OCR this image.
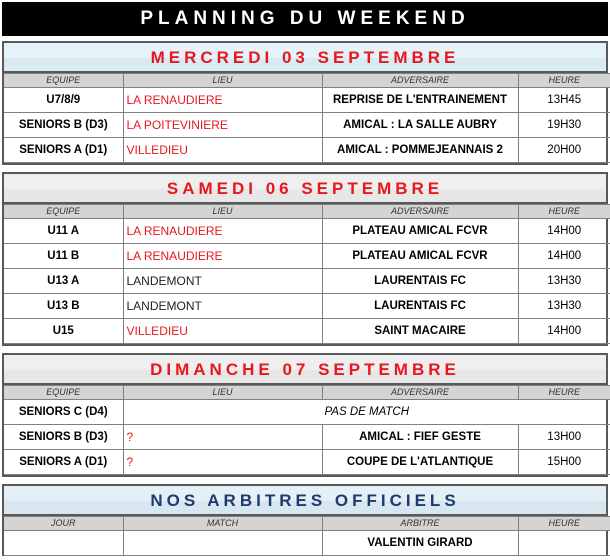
PLANNING DU WEEKEND
MERCREDI 03 SEPTEMBRE
EQUIPE	LIEU	ADVERSAIRE	HEURE
U7/8/9	LA RENAUDIERE	REPRISE DE L'ENTRAINEMENT	13H45
SENIORS B (D3)	LA POITEVINIERE	AMICAL : LA SALLE AUBRY	19H30
SENIORS A (D1)	VILLEDIEU	AMICAL : POMMEJEANNAIS 2	20H00
SAMEDI 06 SEPTEMBRE
EQUIPE	LIEU	ADVERSAIRE	HEURE
U11 A	LA RENAUDIERE	PLATEAU AMICAL FCVR	14H00
U11 B	LA RENAUDIERE	PLATEAU AMICAL FCVR	14H00
U13 A	LANDEMONT	LAURENTAIS FC	13H30
U13 B	LANDEMONT	LAURENTAIS FC	13H30
U15	VILLEDIEU	SAINT MACAIRE	14H00
DIMANCHE 07 SEPTEMBRE
EQUIPE	LIEU	ADVERSAIRE	HEURE
SENIORS C (D4)	PAS DE MATCH		
SENIORS B (D3)	?	AMICAL : FIEF GESTE	13H00
SENIORS A (D1)	?	COUPE DE L'ATLANTIQUE	15H00
NOS ARBITRES OFFICIELS
JOUR	MATCH	ARBITRE	HEURE
		VALENTIN GIRARD	
